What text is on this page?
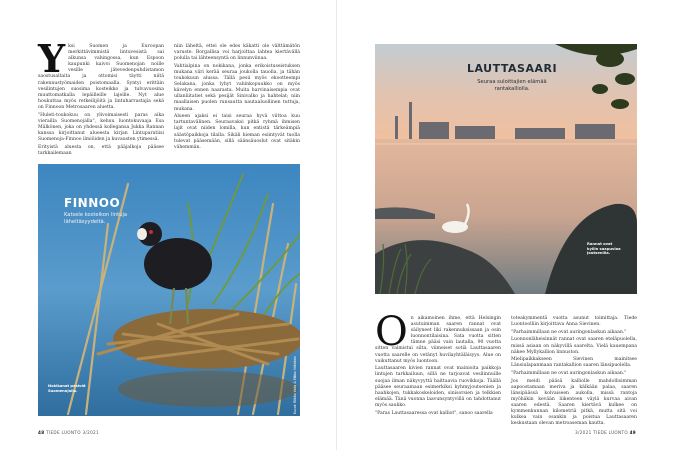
Y ksi Suomen ja Euroopan merkittävimmistä lintuvesistä sai alkunsa vahingossa, kun Espoon kaupunki kaivoi Suomenojan noille vesille jätevedenpuhdistamon saostusaltaita ja ottomisi täytti niitä rakennustyömaiden poistomaalla. Syntyi erittäin vesilintujen suosima kosteikko ja tulvavuosina muuttomatkalla lepäilleille lajeille. Nyt alue houkuttaa myös retkeilijöitä ja lintuharrastajia sekä on Finnoon Metrosaaren aluetta.

"Huleti-toukokuu on ylivoimaisesti paras aika vierailla Suomenojalla", kehuu luontokuvaaja Esa Mälkönen, joka on yhdessä kollegansa Jukka Rannan kanssa kirjoittanut alueesta kirjan Lintuparatiisi Suomenoja-Finnoo ilmiöiden ja kuvausten ytimessä.

Erityistä aluesta on, että pääjalkoja pääsee tarkkailemaan

niin läheltä, ettei ole edes käkatti ole välttämätön varuste. Borgallisa voi harjoittaa lahtea kiertävällä polulla tai lähteensyntä on linnunviinaa.

Vahtialpina on nokikana, jonka erikoistuseistuksen mukana väri kerää seuraa joukolla tauolla, ja tähän toukokuun alussa. Tällä pesii myös ekootteempi Selakana, jonka lyhyt vahinkopuukko on myös kävelyn ennen naarasta. Muita harvinaisempia ovat ullanliitatiet sekä pesijät Sinivalko ja hahtelat; niin maallaisen puolen runsautta nautaaluollinen tuttuja, mukana.

Alueen ajaksi ei taisi seuraa hyvä viittoa kuu tartuntavälinen. Seuraavaksi pitkä ryhmä ihmisen lajit ovat niiden lomilla, kun entistä tärkeämpiä säästöpaikkoja tilalla. Sikäli hieman esiintyvät tuolla tulevat pääsemään, sillä säänsäuoslut ovat sitäkin vähemmän.

FINNOO
Katsele kosteikon lintuja läheltäsyydeltä.
Nokikanat pesivät Suomenojalla.	Kuvat: Riikka Valla & Mikko Vähätalo
48 TIEDE LUONTO 3/2021
LAUTTASAARI
Seuraa suloittajien elämää rantakalliolla.
Rannat ovat kyllin saapuviaa joutsenilla.
O n aikamoinen ihme, että Helsingin asutuimman saaren rannat ovat säilyneet liki rakennuksissaan ja osin luonnontilaisina. Sata vuotta sitten tämne pääsi vain lautalla, 90 vuotta sitten valmistui silta, viimeiset sotiä Lauttasaaren vuotta saarelle on vetänyt huvilayhtäläisyys. Alue on vaikuttanut myös luontoon.

Lauttasaaren kivien rannat ovat mainioita paikkoja lintujen tarkkailuun, sillä ne tarjoavat vesilinnuille suojaa ilman näkyvyyttä haittaavia ruovikkoja. Täällä pääsee seuraamaan esimerkiksi kyhmyjoutsenien ja haahkojen, tukkakoskeloiden, sinisorsien ja telkkien elämää. Tänä vuonna laavunsyntyvillä on tahdottanut myös saukko.

"Paras Lauttasaaressa ovat kalliot", sanoo saarella

toteakymmentä vuotta asunut toimittaja. Tiede Luontoolliin kirjoittava Anna Sievinen.

"Parhaimmillaan ne ovat auringonlaskun aikaan."

Luonnonläheisinnät rannat ovat saaren eteläpuolella, missä asiaan on näkyvillä saarelta. Vielä kauempana näkee Myllykallion linnuston.

Mielipaikkakseen Sievinen mainitsee Länsiulapanmaan rantakallion saaren länsipuolella.

"Parhaimmillaan ne ovat auringonlaskun aikaan."

Jos meidi pääsä kalliolle mahdollisimman aapoostamaan meriva ja kälkään palaa, saaren länsipäässä kolvaiseen aukolla, missä rantoja myöhäkin kevään liikenteen väylä kurvaa aivan saaren edestä. Saaren kiertävä kulkee on kymmenkunnan kilometriä pitkä, mutta sitä voi kulkea vain osankin ja poistua Lauttasaaren keskustaan olevan metroaseman kautta.

3/2021 TIEDE LUONTO 49
